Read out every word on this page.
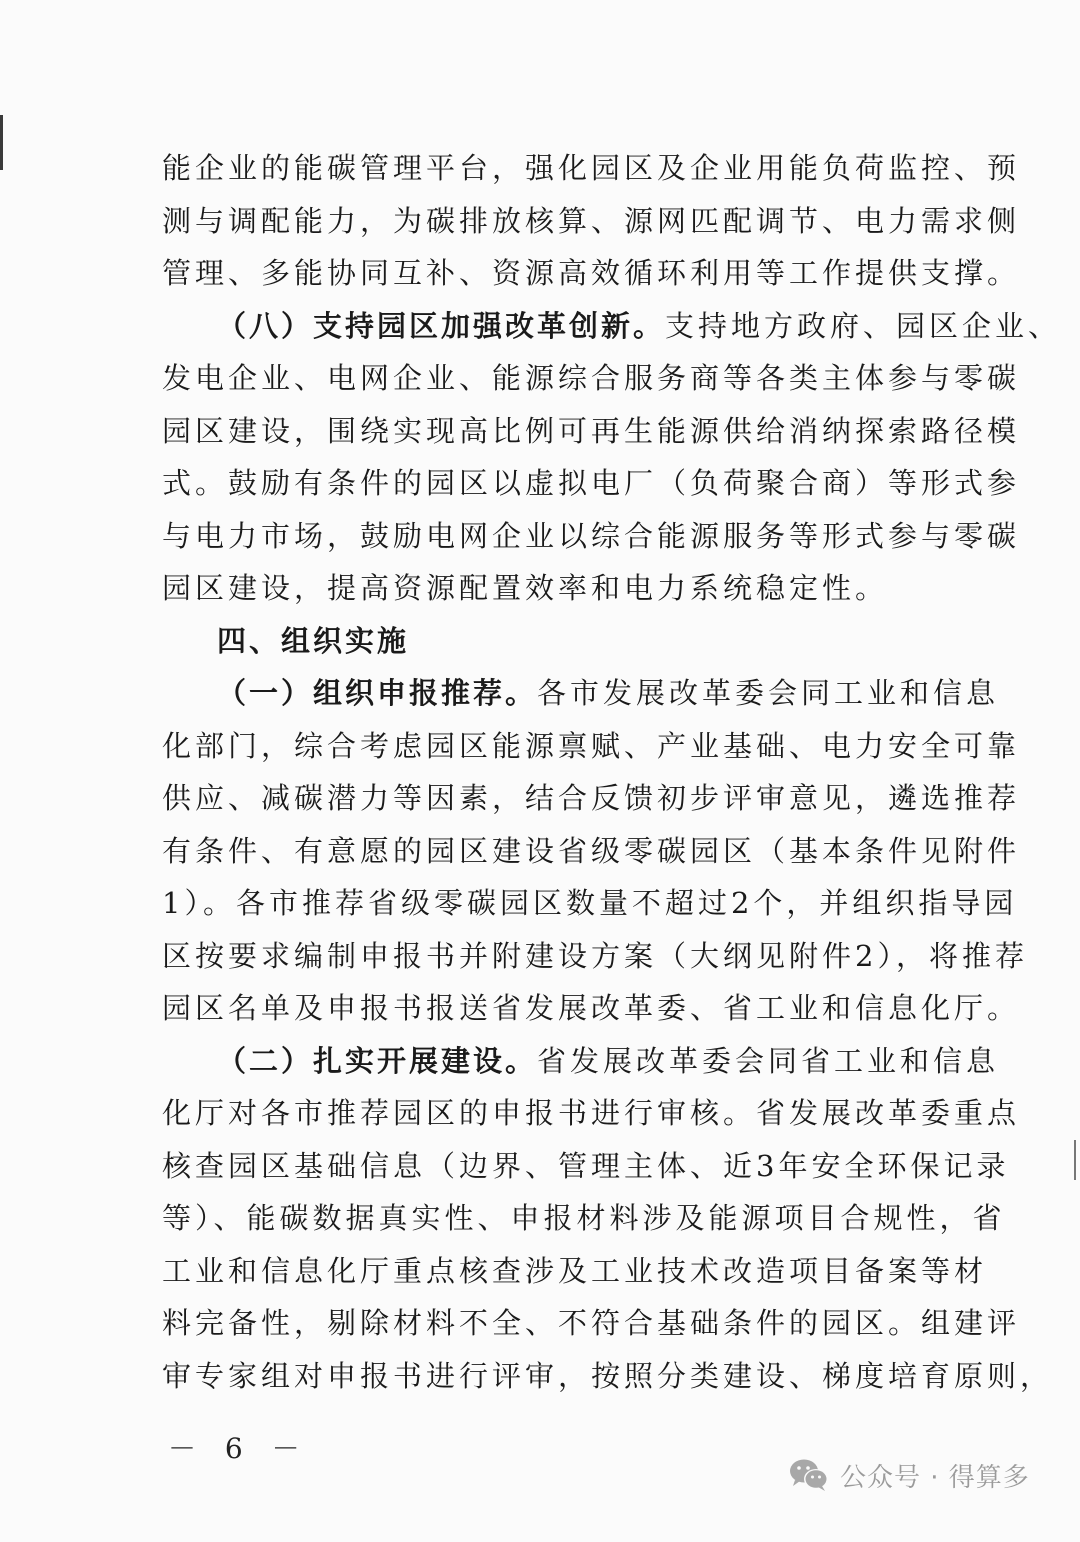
能企业的能碳管理平台，强化园区及企业用能负荷监控、预
测与调配能力，为碳排放核算、源网匹配调节、电力需求侧
管理、多能协同互补、资源高效循环利用等工作提供支撑。
（八）支持园区加强改革创新。支持地方政府、园区企业、
发电企业、电网企业、能源综合服务商等各类主体参与零碳
园区建设，围绕实现高比例可再生能源供给消纳探索路径模
式。鼓励有条件的园区以虚拟电厂（负荷聚合商）等形式参
与电力市场，鼓励电网企业以综合能源服务等形式参与零碳
园区建设，提高资源配置效率和电力系统稳定性。
四、组织实施
（一）组织申报推荐。各市发展改革委会同工业和信息
化部门，综合考虑园区能源禀赋、产业基础、电力安全可靠
供应、减碳潜力等因素，结合反馈初步评审意见，遴选推荐
有条件、有意愿的园区建设省级零碳园区（基本条件见附件
1）。各市推荐省级零碳园区数量不超过2个，并组织指导园
区按要求编制申报书并附建设方案（大纲见附件2），将推荐
园区名单及申报书报送省发展改革委、省工业和信息化厅。
（二）扎实开展建设。省发展改革委会同省工业和信息
化厅对各市推荐园区的申报书进行审核。省发展改革委重点
核查园区基础信息（边界、管理主体、近3年安全环保记录
等）、能碳数据真实性、申报材料涉及能源项目合规性，省
工业和信息化厅重点核查涉及工业技术改造项目备案等材
料完备性，剔除材料不全、不符合基础条件的园区。组建评
审专家组对申报书进行评审，按照分类建设、梯度培育原则，
－ 6 －
公众号 · 得算多
